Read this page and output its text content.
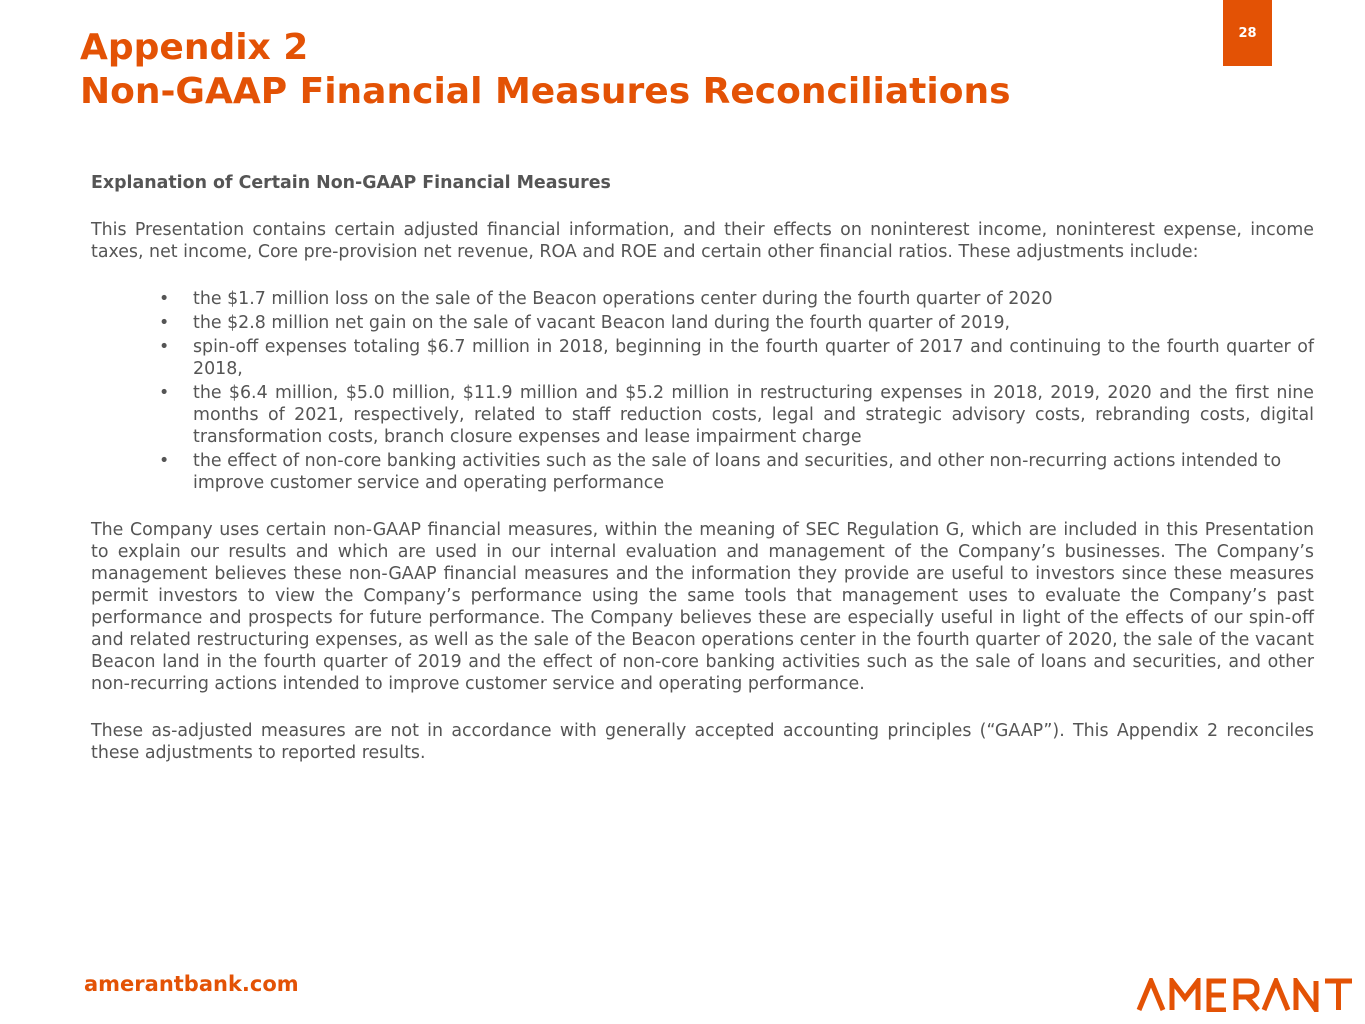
Appendix 2
Non-GAAP Financial Measures Reconciliations
28

Explanation of Certain Non-GAAP Financial Measures

This Presentation contains certain adjusted financial information, and their effects on noninterest income, noninterest expense, income taxes, net income, Core pre-provision net revenue, ROA and ROE and certain other financial ratios. These adjustments include:

• the $1.7 million loss on the sale of the Beacon operations center during the fourth quarter of 2020
• the $2.8 million net gain on the sale of vacant Beacon land during the fourth quarter of 2019,
• spin-off expenses totaling $6.7 million in 2018, beginning in the fourth quarter of 2017 and continuing to the fourth quarter of 2018,
• the $6.4 million, $5.0 million, $11.9 million and $5.2 million in restructuring expenses in 2018, 2019, 2020 and the first nine months of 2021, respectively, related to staff reduction costs, legal and strategic advisory costs, rebranding costs, digital transformation costs, branch closure expenses and lease impairment charge
• the effect of non-core banking activities such as the sale of loans and securities, and other non-recurring actions intended to improve customer service and operating performance

The Company uses certain non-GAAP financial measures, within the meaning of SEC Regulation G, which are included in this Presentation to explain our results and which are used in our internal evaluation and management of the Company’s businesses. The Company’s management believes these non-GAAP financial measures and the information they provide are useful to investors since these measures permit investors to view the Company’s performance using the same tools that management uses to evaluate the Company’s past performance and prospects for future performance. The Company believes these are especially useful in light of the effects of our spin-off and related restructuring expenses, as well as the sale of the Beacon operations center in the fourth quarter of 2020, the sale of the vacant Beacon land in the fourth quarter of 2019 and the effect of non-core banking activities such as the sale of loans and securities, and other non-recurring actions intended to improve customer service and operating performance.

These as-adjusted measures are not in accordance with generally accepted accounting principles (“GAAP”). This Appendix 2 reconciles these adjustments to reported results.

amerantbank.com
